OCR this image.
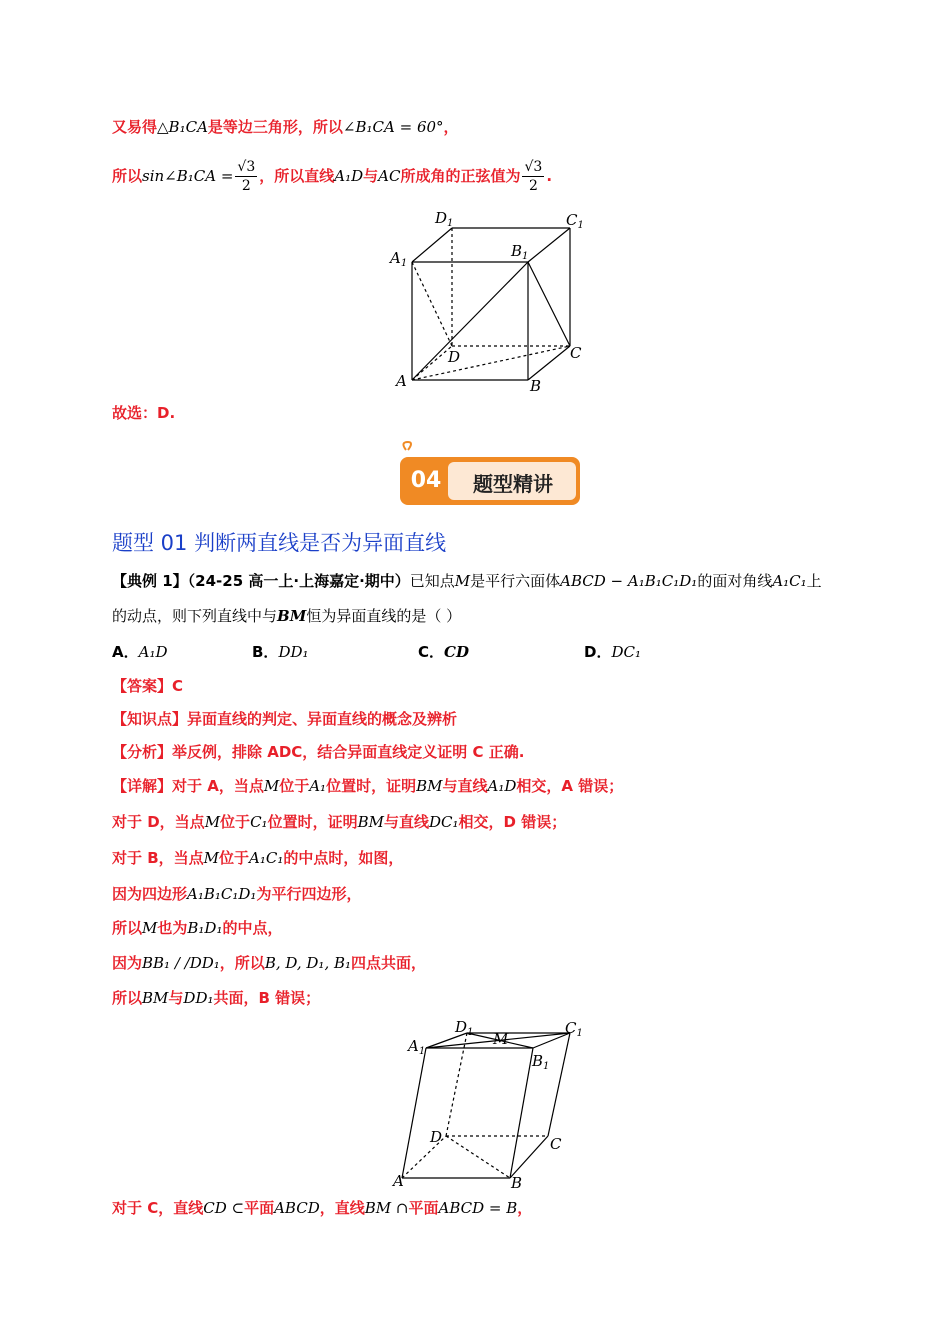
又易得△B₁CA是等边三角形，所以∠B₁CA = 60°，
所以sin∠B₁CA = $\frac{√3}{2}$ ，所以直线A₁D与AC所成角的正弦值为 $\frac{√3}{2}$ .
$D_1$	$C_1$
$A_1$
$B_1$
D	C
A	B
故选：D.
04	题型精讲
题型 01 判断两直线是否为异面直线
【典例 1】（24-25 高一上·上海嘉定·期中）已知点M是平行六面体ABCD − A₁B₁C₁D₁的面对角线A₁C₁上
的动点，则下列直线中与BM恒为异面直线的是（ ）
A．A₁D	B．DD₁	C．CD	D．DC₁
【答案】C
【知识点】异面直线的判定、异面直线的概念及辨析
【分析】举反例，排除 ADC，结合异面直线定义证明 C 正确.
【详解】对于 A，当点M位于A₁位置时，证明BM与直线A₁D相交，A 错误；
对于 D，当点M位于C₁位置时，证明BM与直线DC₁相交，D 错误；
对于 B，当点M位于A₁C₁的中点时，如图，
因为四边形A₁B₁C₁D₁为平行四边形，
所以M也为B₁D₁的中点，
因为BB₁ / /DD₁，所以B, D, D₁, B₁四点共面，
所以BM与DD₁共面，B 错误；
$D_1$ M
$C_1$
$A_1$
$B_1$
D	C
A	B
对于 C，直线CD ⊂平面ABCD，直线BM ∩平面ABCD = B，
